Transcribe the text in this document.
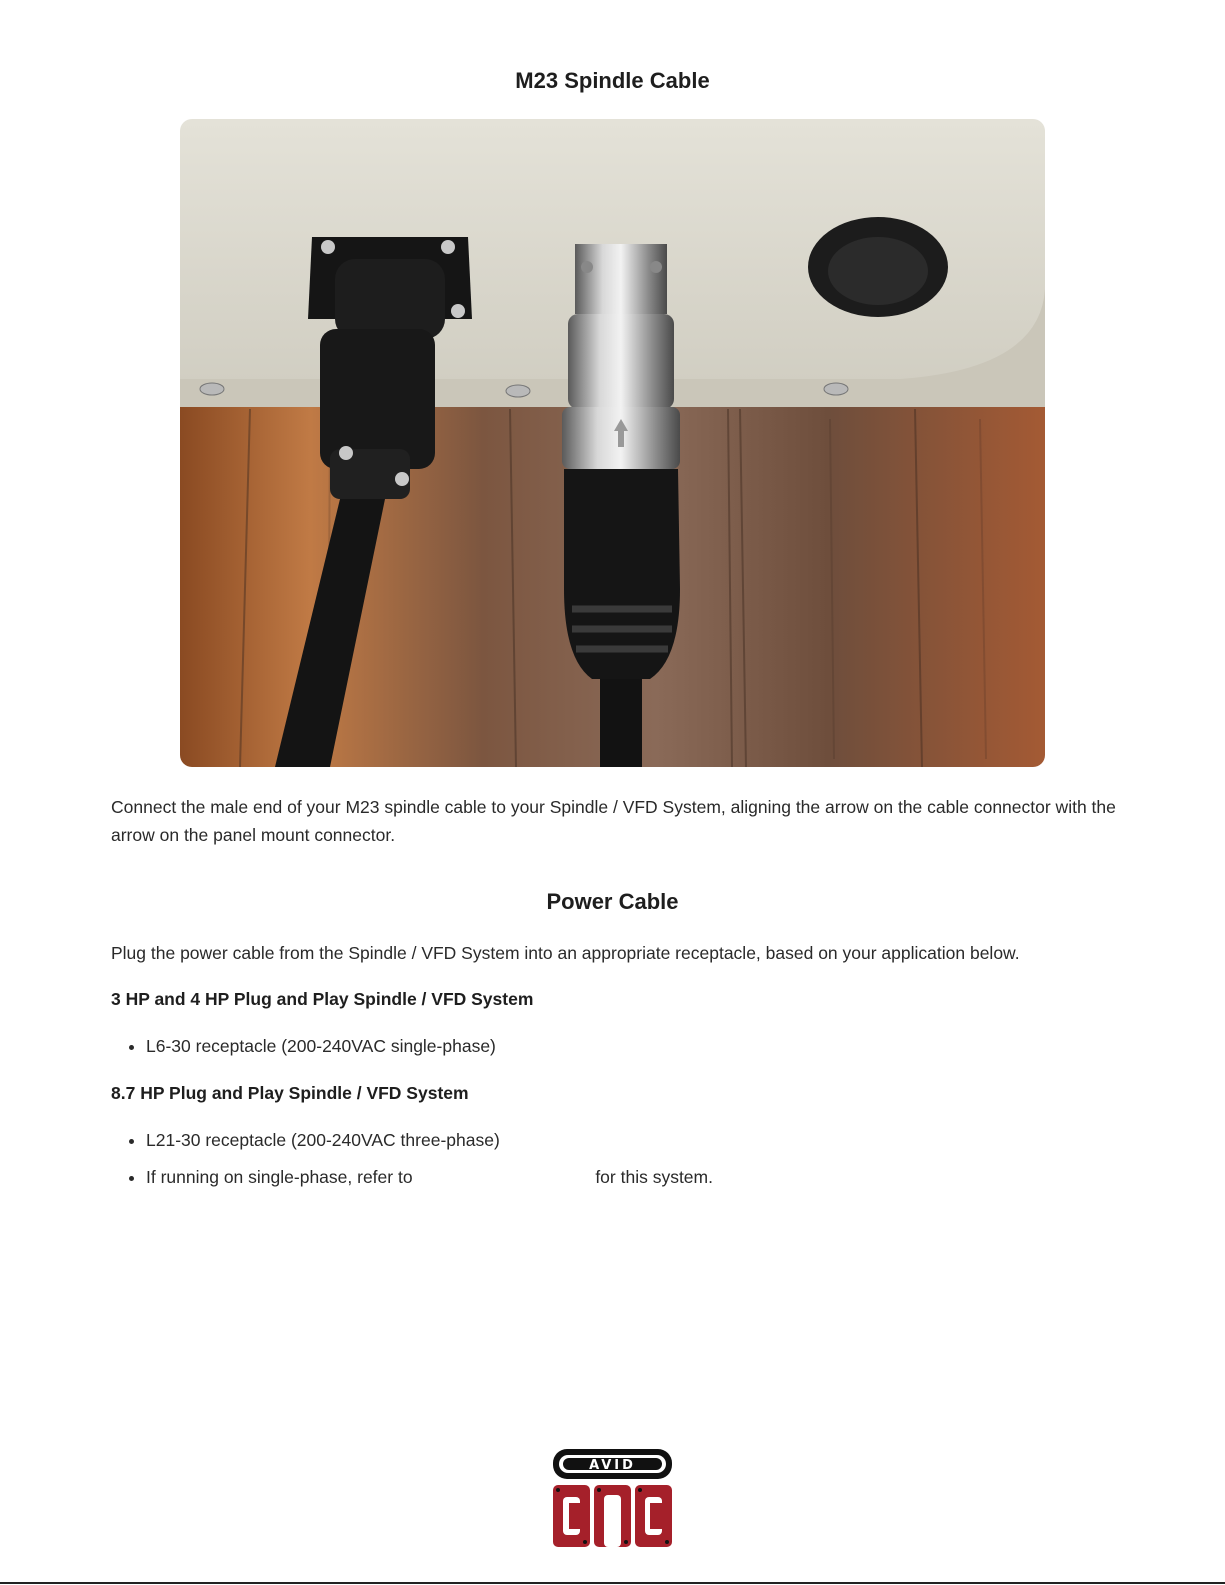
M23 Spindle Cable

Connect the male end of your M23 spindle cable to your Spindle / VFD System, aligning the arrow on the cable connector with the arrow on the panel mount connector.

Power Cable

Plug the power cable from the Spindle / VFD System into an appropriate receptacle, based on your application below.

3 HP and 4 HP Plug and Play Spindle / VFD System

• L6-30 receptacle (200-240VAC single-phase)

8.7 HP Plug and Play Spindle / VFD System

• L21-30 receptacle (200-240VAC three-phase)
• If running on single-phase, refer to	for this system.
AVID
